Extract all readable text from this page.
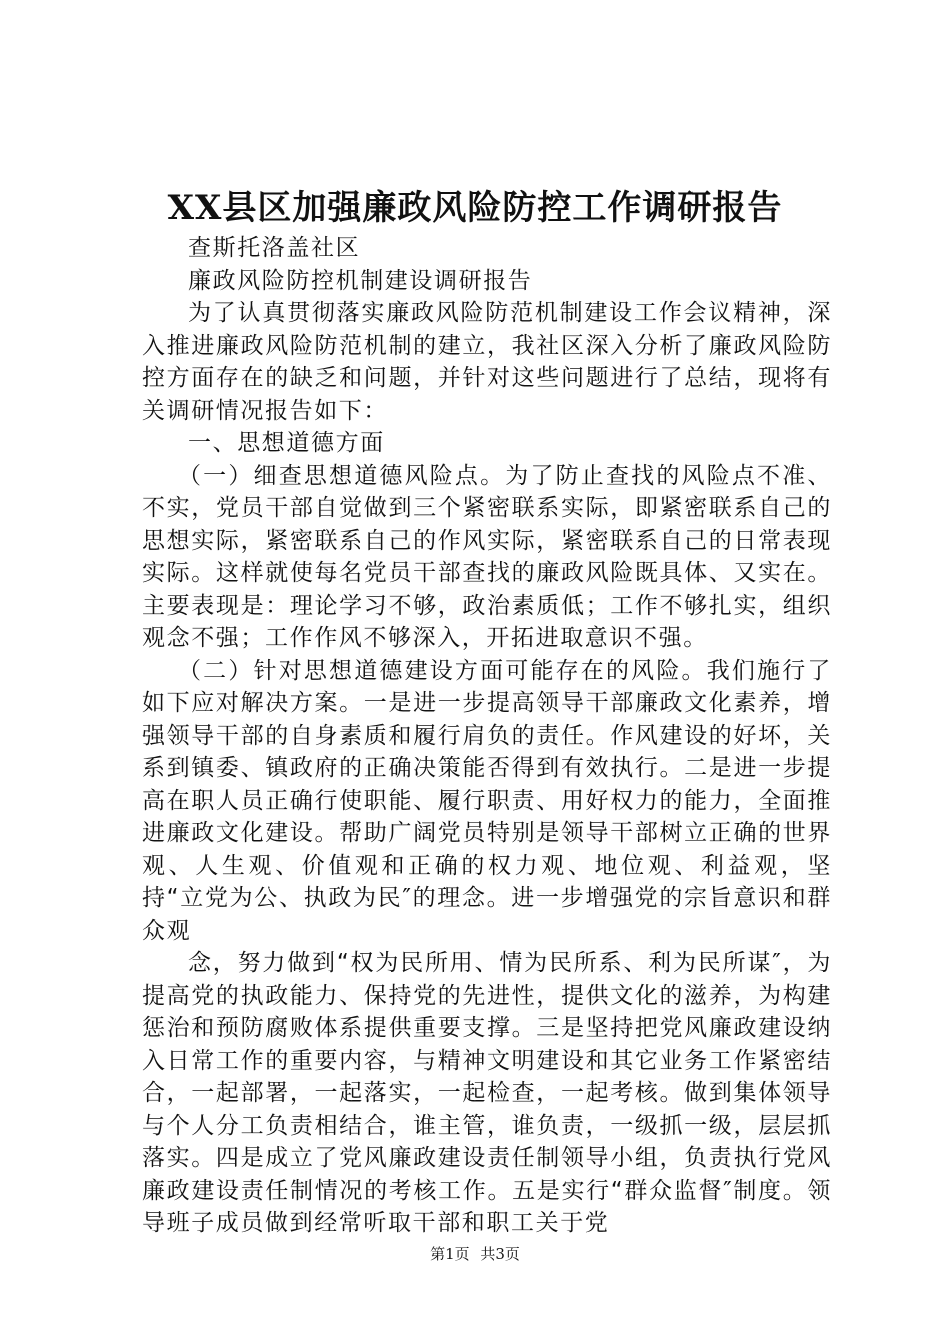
XX县区加强廉政风险防控工作调研报告

查斯托洛盖社区

廉政风险防控机制建设调研报告

为了认真贯彻落实廉政风险防范机制建设工作会议精神，深入推进廉政风险防范机制的建立，我社区深入分析了廉政风险防控方面存在的缺乏和问题，并针对这些问题进行了总结，现将有关调研情况报告如下：

一、思想道德方面

（一）细查思想道德风险点。为了防止查找的风险点不准、不实，党员干部自觉做到三个紧密联系实际，即紧密联系自己的思想实际，紧密联系自己的作风实际，紧密联系自己的日常表现实际。这样就使每名党员干部查找的廉政风险既具体、又实在。主要表现是：理论学习不够，政治素质低；工作不够扎实，组织观念不强；工作作风不够深入，开拓进取意识不强。

（二）针对思想道德建设方面可能存在的风险。我们施行了如下应对解决方案。一是进一步提高领导干部廉政文化素养，增强领导干部的自身素质和履行肩负的责任。作风建设的好坏，关系到镇委、镇政府的正确决策能否得到有效执行。二是进一步提高在职人员正确行使职能、履行职责、用好权力的能力，全面推进廉政文化建设。帮助广阔党员特别是领导干部树立正确的世界观、人生观、价值观和正确的权力观、地位观、利益观，坚持“立党为公、执政为民″的理念。进一步增强党的宗旨意识和群众观

念，努力做到“权为民所用、情为民所系、利为民所谋″，为提高党的执政能力、保持党的先进性，提供文化的滋养，为构建惩治和预防腐败体系提供重要支撑。三是坚持把党风廉政建设纳入日常工作的重要内容，与精神文明建设和其它业务工作紧密结合，一起部署，一起落实，一起检查，一起考核。做到集体领导与个人分工负责相结合，谁主管，谁负责，一级抓一级，层层抓落实。四是成立了党风廉政建设责任制领导小组，负责执行党风廉政建设责任制情况的考核工作。五是实行“群众监督″制度。领导班子成员做到经常听取干部和职工关于党

第1页 共3页
